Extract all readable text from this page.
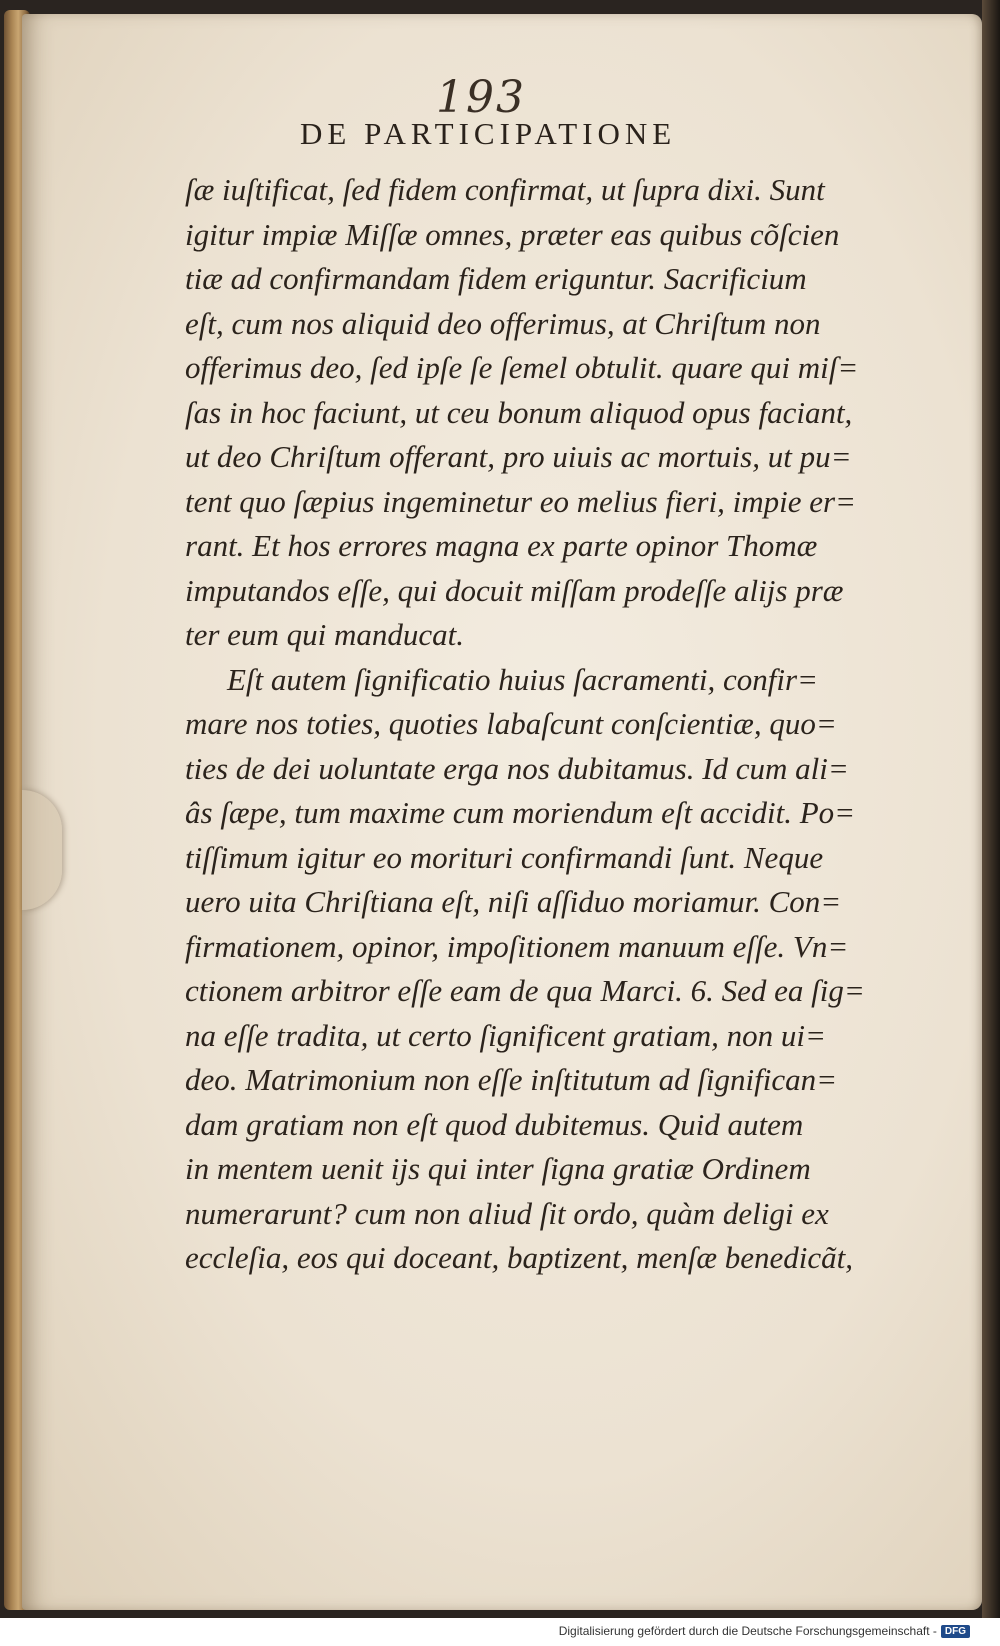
193
DE PARTICIPATIONE
ſæ iuſtificat, ſed fidem confirmat, ut ſupra dixi. Sunt
igitur impiæ Miſſæ omnes, præter eas quibus cõſcien
tiæ ad confirmandam fidem eriguntur. Sacrificium
eſt, cum nos aliquid deo offerimus, at Chriſtum non
offerimus deo, ſed ipſe ſe ſemel obtulit. quare qui miſ=
ſas in hoc faciunt, ut ceu bonum aliquod opus faciant,
ut deo Chriſtum offerant, pro uiuis ac mortuis, ut pu=
tent quo ſæpius ingeminetur eo melius fieri, impie er=
rant. Et hos errores magna ex parte opinor Thomæ
imputandos eſſe, qui docuit miſſam prodeſſe alijs præ
ter eum qui manducat.
Eſt autem ſignificatio huius ſacramenti, confir=
mare nos toties, quoties labaſcunt conſcientiæ, quo=
ties de dei uoluntate erga nos dubitamus. Id cum ali=
âs ſæpe, tum maxime cum moriendum eſt accidit. Po=
tiſſimum igitur eo morituri confirmandi ſunt. Neque
uero uita Chriſtiana eſt, niſi aſſiduo moriamur. Con=
firmationem, opinor, impoſitionem manuum eſſe. Vn=
ctionem arbitror eſſe eam de qua Marci. 6. Sed ea ſig=
na eſſe tradita, ut certo ſignificent gratiam, non ui=
deo. Matrimonium non eſſe inſtitutum ad ſignifican=
dam gratiam non eſt quod dubitemus. Quid autem
in mentem uenit ijs qui inter ſigna gratiæ Ordinem
numerarunt? cum non aliud ſit ordo, quàm deligi ex
eccleſia, eos qui doceant, baptizent, menſæ benedicãt,
Digitalisierung gefördert durch die Deutsche Forschungsgemeinschaft - DFG
